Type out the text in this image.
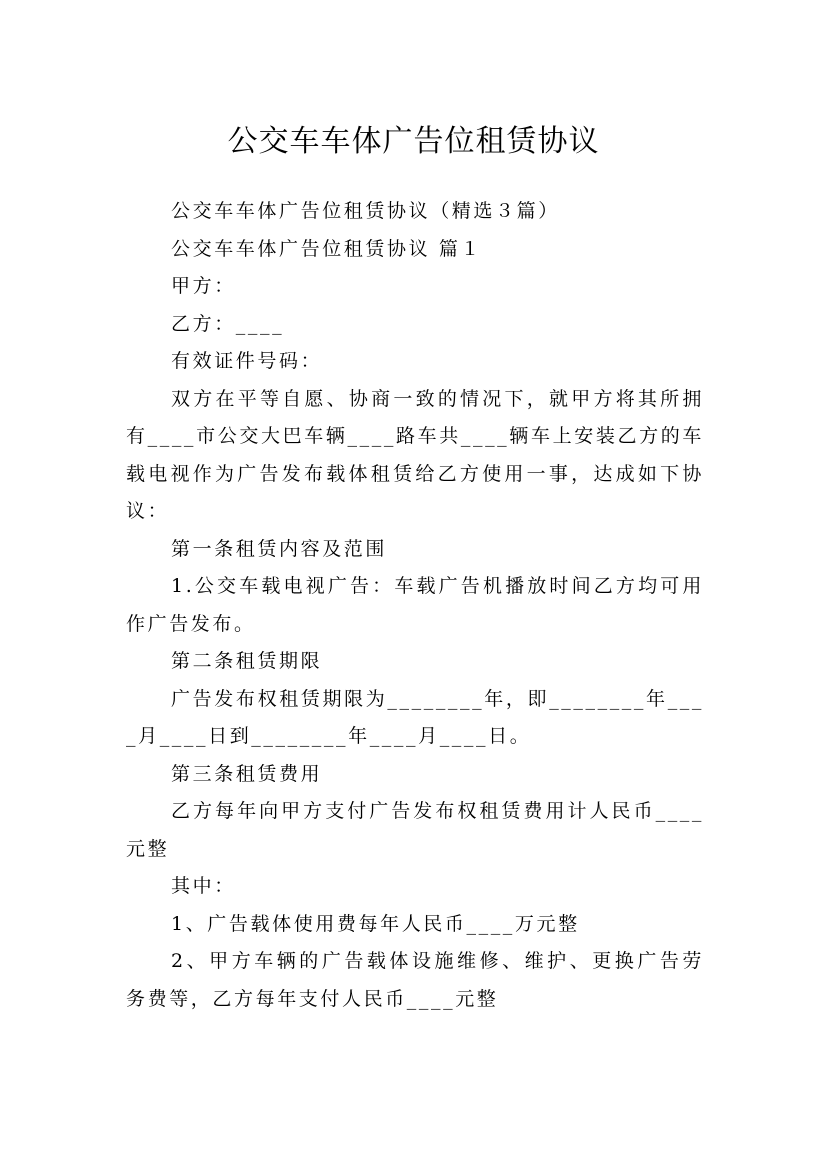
公交车车体广告位租赁协议

公交车车体广告位租赁协议（精选３篇）

公交车车体广告位租赁协议 篇１

甲方：

乙方：____

有效证件号码：

双方在平等自愿、协商一致的情况下，就甲方将其所拥有____市公交大巴车辆____路车共____辆车上安装乙方的车载电视作为广告发布载体租赁给乙方使用一事，达成如下协议：

第一条租赁内容及范围

1.公交车载电视广告：车载广告机播放时间乙方均可用作广告发布。

第二条租赁期限

广告发布权租赁期限为________年，即________年____月____日到________年____月____日。

第三条租赁费用

乙方每年向甲方支付广告发布权租赁费用计人民币____元整

其中：

1、广告载体使用费每年人民币____万元整

2、甲方车辆的广告载体设施维修、维护、更换广告劳务费等，乙方每年支付人民币____元整
